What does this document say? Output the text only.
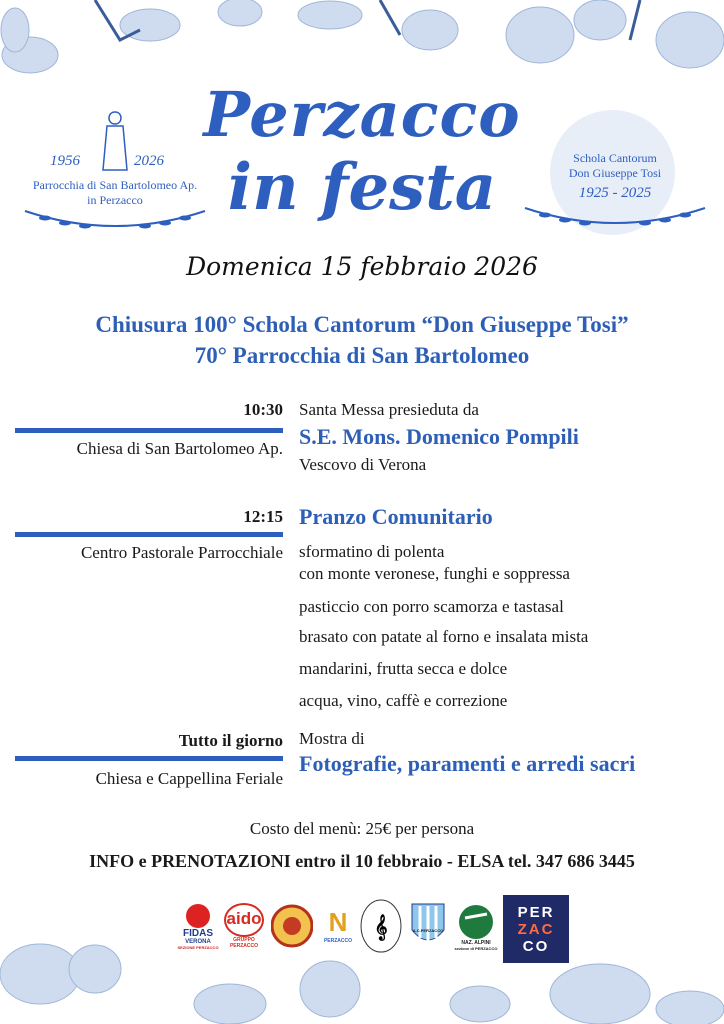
1956	2026
Parrocchia di San Bartolomeo Ap.
in Perzacco
Schola Cantorum
Don Giuseppe Tosi
1925 - 2025
Perzacco
in festa
Domenica 15 febbraio 2026
Chiusura 100° Schola Cantorum “Don Giuseppe Tosi”
70° Parrocchia di San Bartolomeo
10:30
Chiesa di San Bartolomeo Ap.
Santa Messa presieduta da
S.E. Mons. Domenico Pompili
Vescovo di Verona
12:15
Centro Pastorale Parrocchiale
Pranzo Comunitario
sformatino di polenta
con monte veronese, funghi e soppressa
pasticcio con porro scamorza e tastasal
brasato con patate al forno e insalata mista
mandarini, frutta secca e dolce
acqua, vino, caffè e correzione
Tutto il giorno
Chiesa e Cappellina Feriale
Mostra di
Fotografie, paramenti e arredi sacri
Costo del menù: 25€ per persona
INFO e PRENOTAZIONI entro il 10 febbraio - ELSA tel. 347 686 3445
FIDAS
VERONA
SEZIONE PERZACCO
aido
GRUPPO PERZACCO
N
PERZACCO
𝄞	A.C.PERZACCO
NAZ. ALPINI
sezione di PERZACCO
PER
ZAC
CO
